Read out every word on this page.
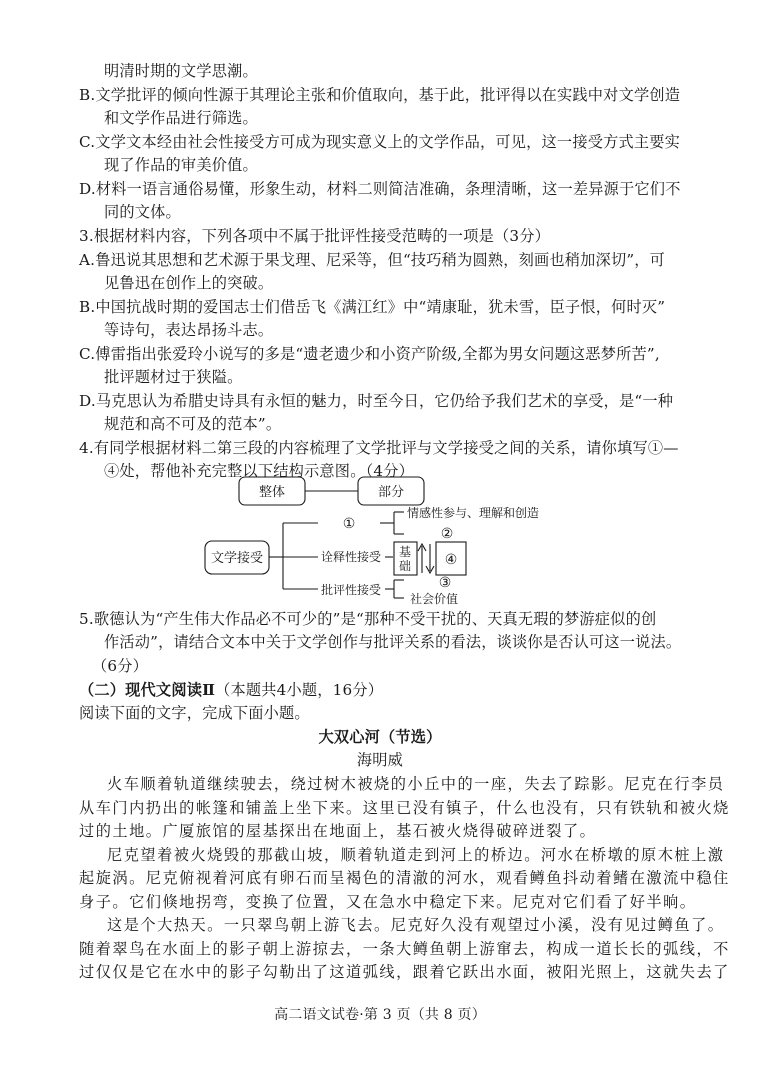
明清时期的文学思潮。
B.文学批评的倾向性源于其理论主张和价值取向，基于此，批评得以在实践中对文学创造
和文学作品进行筛选。
C.文学文本经由社会性接受方可成为现实意义上的文学作品，可见，这一接受方式主要实
现了作品的审美价值。
D.材料一语言通俗易懂，形象生动，材料二则简洁准确，条理清晰，这一差异源于它们不
同的文体。
3.根据材料内容，下列各项中不属于批评性接受范畴的一项是（3分）
A.鲁迅说其思想和艺术源于果戈理、尼采等，但“技巧稍为圆熟，刻画也稍加深切”，可
见鲁迅在创作上的突破。
B.中国抗战时期的爱国志士们借岳飞《满江红》中“靖康耻，犹未雪，臣子恨，何时灭”
等诗句，表达昂扬斗志。
C.傅雷指出张爱玲小说写的多是“遗老遗少和小资产阶级,全都为男女问题这恶梦所苦”,
批评题材过于狭隘。
D.马克思认为希腊史诗具有永恒的魅力，时至今日，它仍给予我们艺术的享受，是“一种
规范和高不可及的范本”。
4.有同学根据材料二第三段的内容梳理了文学批评与文学接受之间的关系，请你填写①—
④处，帮他补充完整以下结构示意图。（4分）
整体	部分
文学接受
①
诠释性接受
批评性接受
情感性参与、理解和创造
②
基
础 ④
③
社会价值
5.歌德认为“产生伟大作品必不可少的”是“那种不受干扰的、天真无瑕的梦游症似的创
作活动”，请结合文本中关于文学创作与批评关系的看法，谈谈你是否认可这一说法。
（6分）
（二）现代文阅读Ⅱ（本题共4小题，16分）
阅读下面的文字，完成下面小题。
大双心河（节选）
海明威
火车顺着轨道继续驶去，绕过树木被烧的小丘中的一座，失去了踪影。尼克在行李员
从车门内扔出的帐篷和铺盖上坐下来。这里已没有镇子，什么也没有，只有铁轨和被火烧
过的土地。广厦旅馆的屋基探出在地面上，基石被火烧得破碎迸裂了。
尼克望着被火烧毁的那截山坡，顺着轨道走到河上的桥边。河水在桥墩的原木桩上激
起旋涡。尼克俯视着河底有卵石而呈褐色的清澈的河水，观看鳟鱼抖动着鳍在激流中稳住
身子。它们倏地拐弯，变换了位置，又在急水中稳定下来。尼克对它们看了好半晌。
这是个大热天。一只翠鸟朝上游飞去。尼克好久没有观望过小溪，没有见过鳟鱼了。
随着翠鸟在水面上的影子朝上游掠去，一条大鳟鱼朝上游窜去，构成一道长长的弧线，不
过仅仅是它在水中的影子勾勒出了这道弧线，跟着它跃出水面，被阳光照上，这就失去了
高二语文试卷·第 3 页（共 8 页）
